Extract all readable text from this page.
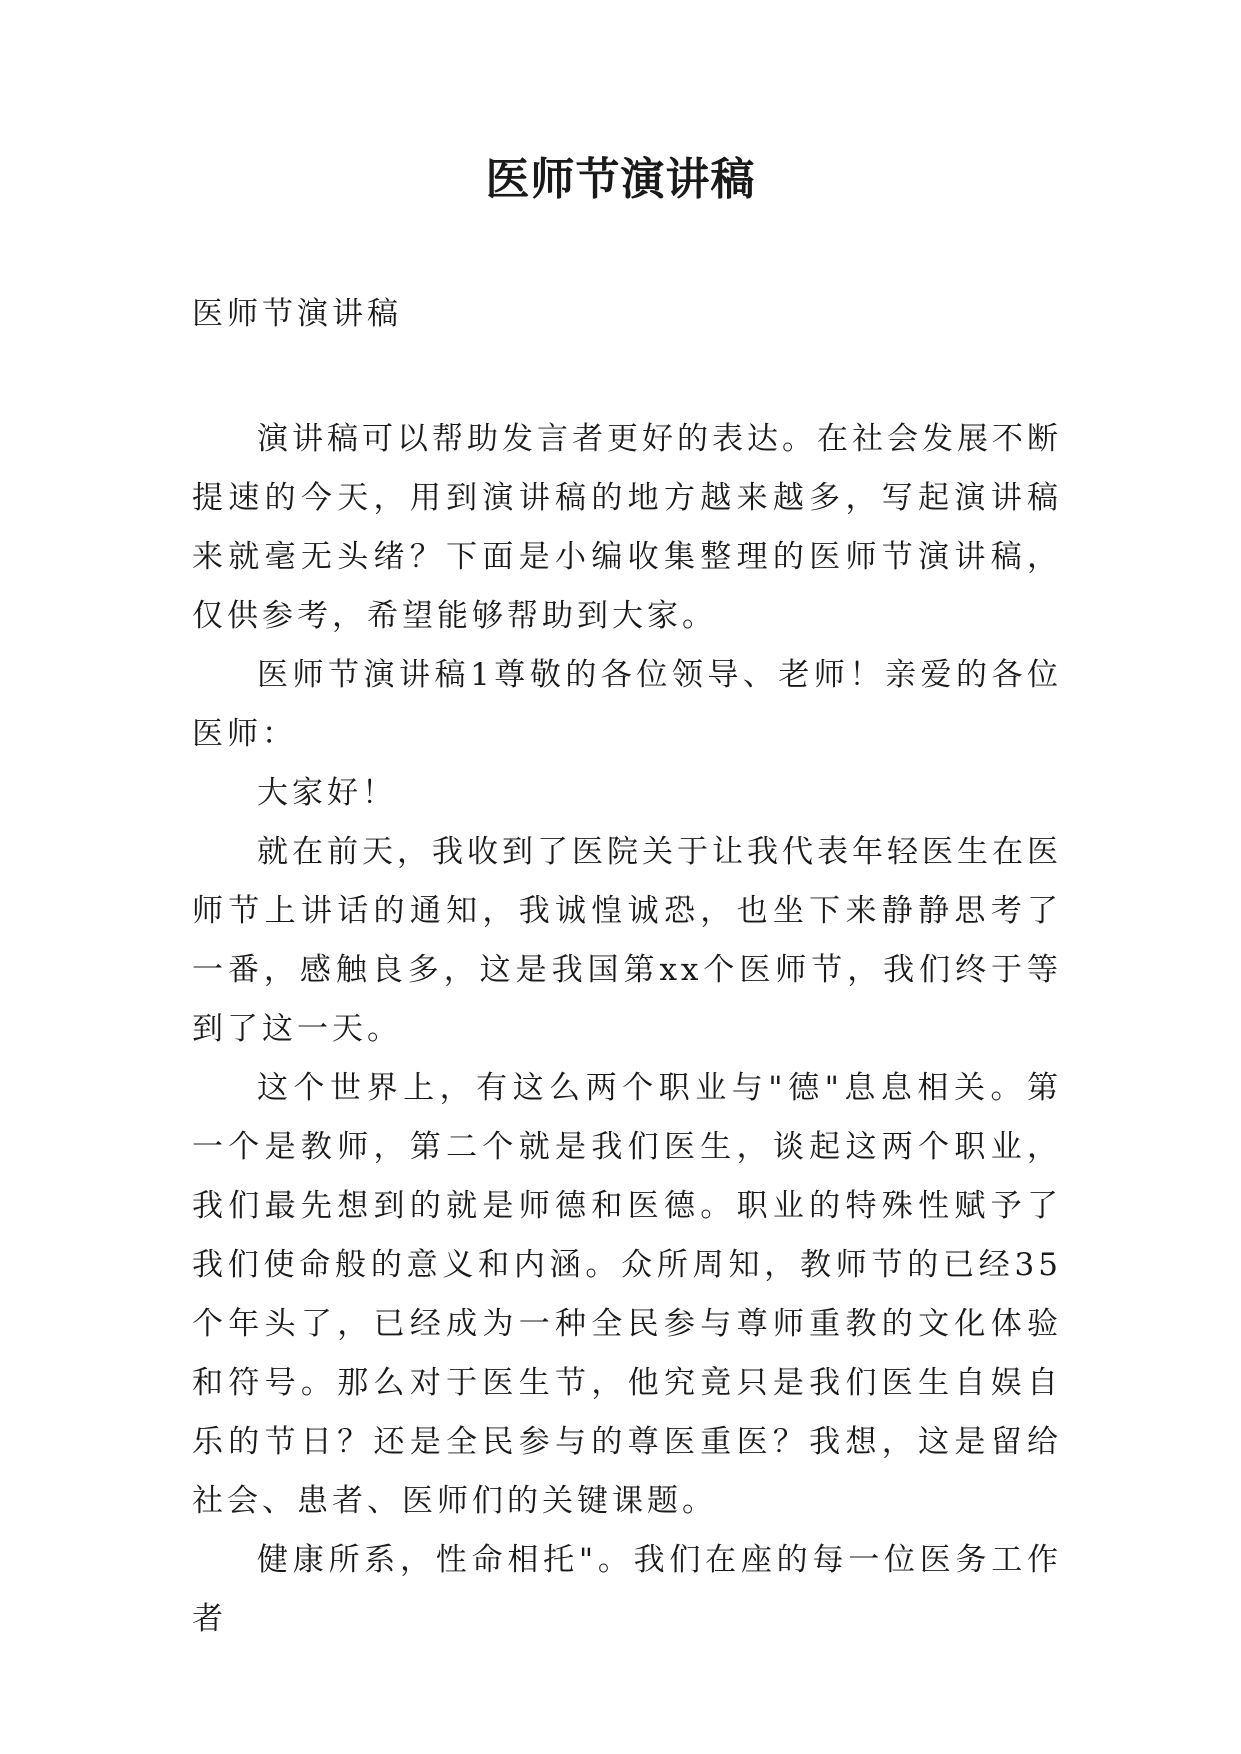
医师节演讲稿

医师节演讲稿

演讲稿可以帮助发言者更好的表达。在社会发展不断提速的今天，用到演讲稿的地方越来越多，写起演讲稿来就毫无头绪？下面是小编收集整理的医师节演讲稿，仅供参考，希望能够帮助到大家。

医师节演讲稿1尊敬的各位领导、老师！亲爱的各位医师：

大家好！

就在前天，我收到了医院关于让我代表年轻医生在医师节上讲话的通知，我诚惶诚恐，也坐下来静静思考了一番，感触良多，这是我国第xx个医师节，我们终于等到了这一天。

这个世界上，有这么两个职业与"德"息息相关。第一个是教师，第二个就是我们医生，谈起这两个职业，我们最先想到的就是师德和医德。职业的特殊性赋予了我们使命般的意义和内涵。众所周知，教师节的已经35个年头了，已经成为一种全民参与尊师重教的文化体验和符号。那么对于医生节，他究竟只是我们医生自娱自乐的节日？还是全民参与的尊医重医？我想，这是留给社会、患者、医师们的关键课题。

健康所系，性命相托"。我们在座的每一位医务工作者
